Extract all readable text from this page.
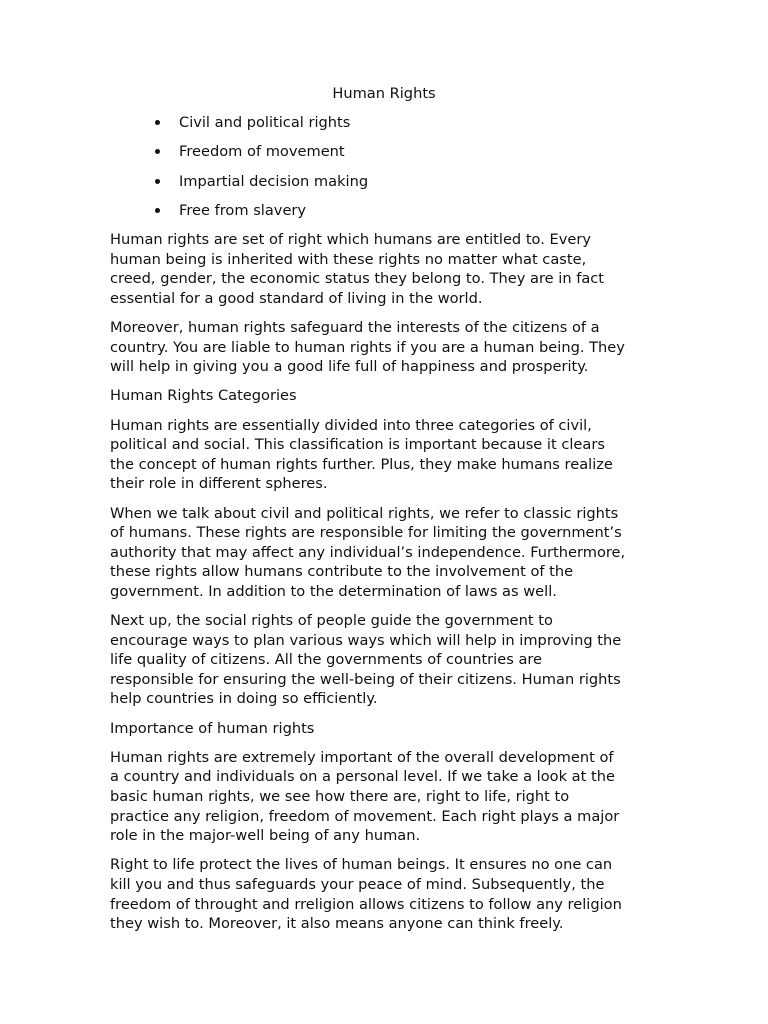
Human Rights
Civil and political rights
Freedom of movement
Impartial decision making
Free from slavery

Human rights are set of right which humans are entitled to. Every
human being is inherited with these rights no matter what caste,
creed, gender, the economic status they belong to. They are in fact
essential for a good standard of living in the world.

Moreover, human rights safeguard the interests of the citizens of a
country. You are liable to human rights if you are a human being. They
will help in giving you a good life full of happiness and prosperity.

Human Rights Categories

Human rights are essentially divided into three categories of civil,
political and social. This classification is important because it clears
the concept of human rights further. Plus, they make humans realize
their role in different spheres.

When we talk about civil and political rights, we refer to classic rights
of humans. These rights are responsible for limiting the government’s
authority that may affect any individual’s independence. Furthermore,
these rights allow humans contribute to the involvement of the
government. In addition to the determination of laws as well.

Next up, the social rights of people guide the government to
encourage ways to plan various ways which will help in improving the
life quality of citizens. All the governments of countries are
responsible for ensuring the well-being of their citizens. Human rights
help countries in doing so efficiently.

Importance of human rights

Human rights are extremely important of the overall development of
a country and individuals on a personal level. If we take a look at the
basic human rights, we see how there are, right to life, right to
practice any religion, freedom of movement. Each right plays a major
role in the major-well being of any human.

Right to life protect the lives of human beings. It ensures no one can
kill you and thus safeguards your peace of mind. Subsequently, the
freedom of throught and rreligion allows citizens to follow any religion
they wish to. Moreover, it also means anyone can think freely.
